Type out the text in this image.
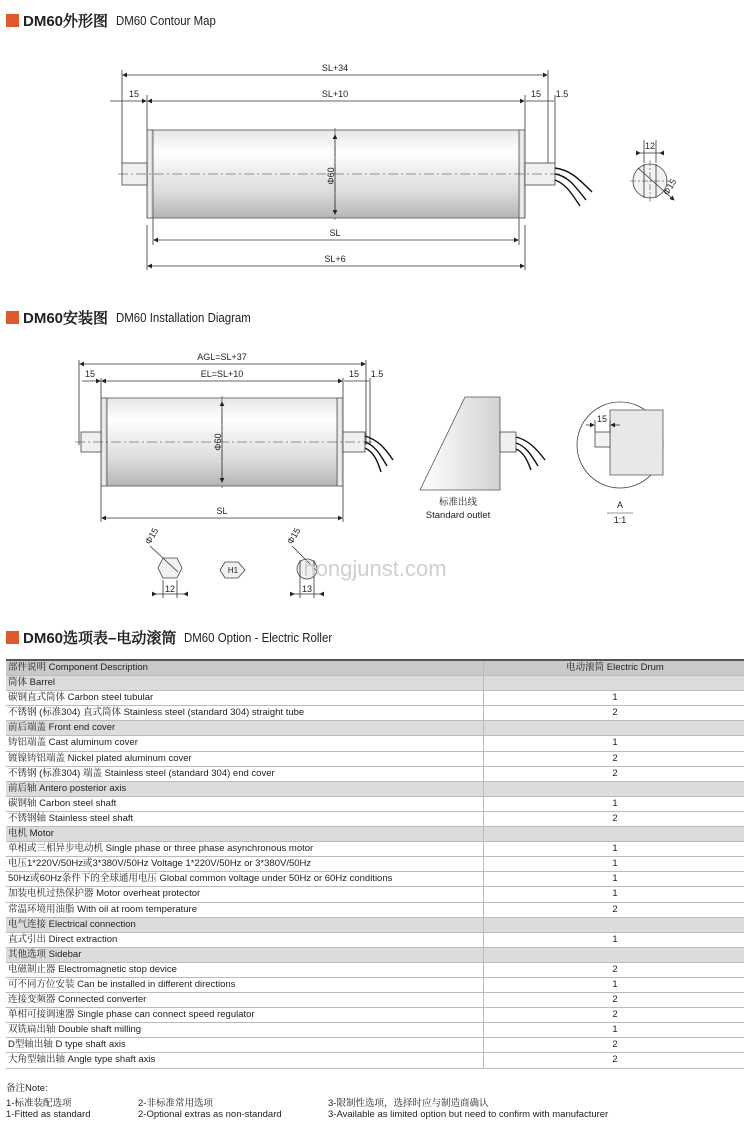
DM60外形图 DM60 Contour Map
DM60安装图 DM60 Installation Diagram
DM60选项表–电动滚筒 DM60 Option - Electric Roller
SL+34
SL+10
15	15 1.5
Φ60
SL
SL+6
12
Φ15
AGL=SL+37
EL=SL+10
15	15 1.5
Φ60
SL
标准出线
Standard outlet
15
A
1:1
Φ15
12
H1
Φ15
13
hongjunst.com
部件说明 Component Description	电动滚筒 Electric Drum
筒体 Barrel	
碳钢直式筒体 Carbon steel tubular	1
不锈钢 (标准304) 直式筒体 Stainless steel (standard 304) straight tube	2
前后端盖 Front end cover	
铸铝端盖 Cast aluminum cover	1
镀镍铸铝端盖 Nickel plated aluminum cover	2
不锈钢 (标准304) 端盖 Stainless steel (standard 304) end cover	2
前后轴 Antero posterior axis	
碳钢轴 Carbon steel shaft	1
不锈钢轴 Stainless steel shaft	2
电机 Motor	
单相或三相异步电动机 Single phase or three phase asynchronous motor	1
电压1*220V/50Hz或3*380V/50Hz Voltage 1*220V/50Hz or 3*380V/50Hz	1
50Hz或60Hz条件下的全球通用电压 Global common voltage under 50Hz or 60Hz conditions	1
加装电机过热保护器 Motor overheat protector	1
常温环境用油脂 With oil at room temperature	2
电气连接 Electrical connection	
直式引出 Direct extraction	1
其他选项 Sidebar	
电磁制止器 Electromagnetic stop device	2
可不同方位安装 Can be installed in different directions	1
连接变频器 Connected converter	2
单相可接调速器 Single phase can connect speed regulator	2
双铣扁出轴 Double shaft milling	1
D型轴出轴 D type shaft axis	2
大角型轴出轴 Angle type shaft axis	2
备注Note:
1-标准装配选项	2-非标准常用选项	3-限制性选项，选择时应与制造商确认
1-Fitted as standard	2-Optional extras as non-standard	3-Available as limited option but need to confirm with manufacturer
